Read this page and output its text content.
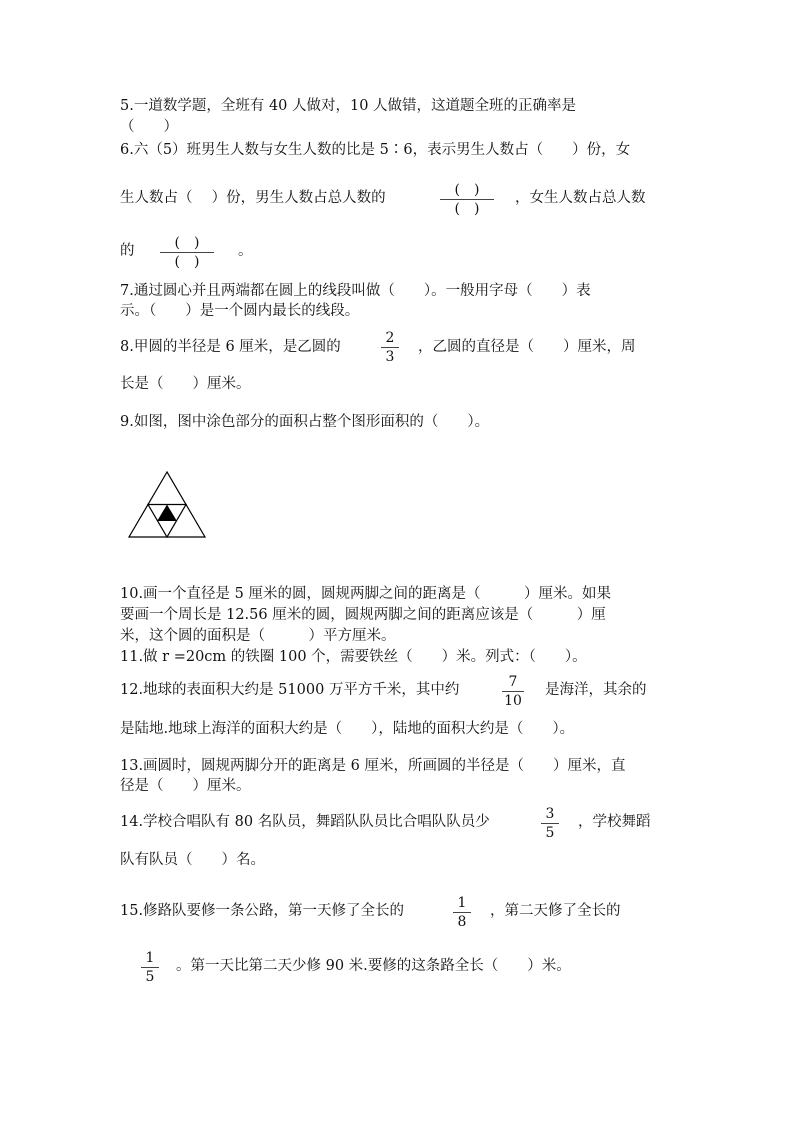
5.一道数学题，全班有 40 人做对，10 人做错，这道题全班的正确率是
（　　）
6.六（5）班男生人数与女生人数的比是 5∶6，表示男生人数占（　　）份，女
生人数占（　 ）份，男生人数占总人数的	(　)
(　)
，女生人数占总人数
的	(　)
(　)
。
7.通过圆心并且两端都在圆上的线段叫做（　　）。一般用字母（　　）表
示。（　　）是一个圆内最长的线段。
8.甲圆的半径是 6 厘米，是乙圆的
2
3
，乙圆的直径是（　　）厘米，周
长是（　　）厘米。
9.如图，图中涂色部分的面积占整个图形面积的（　　）。
10.画一个直径是 5 厘米的圆，圆规两脚之间的距离是（　　　）厘米。如果
要画一个周长是 12.56 厘米的圆，圆规两脚之间的距离应该是（　　　）厘
米，这个圆的面积是（　　　）平方厘米。
11.做 r =20cm 的铁圈 100 个，需要铁丝（　　）米。列式：（　　）。
12.地球的表面积大约是 51000 万平方千米，其中约	7
10
是海洋，其余的
是陆地.地球上海洋的面积大约是（　　），陆地的面积大约是（　　）。
13.画圆时，圆规两脚分开的距离是 6 厘米，所画圆的半径是（　　）厘米，直
径是（　　）厘米。
14.学校合唱队有 80 名队员，舞蹈队队员比合唱队队员少	3
5
，学校舞蹈
队有队员（　　）名。
15.修路队要修一条公路，第一天修了全长的	1
8
，第二天修了全长的
1
5
。第一天比第二天少修 90 米.要修的这条路全长（　　）米。
